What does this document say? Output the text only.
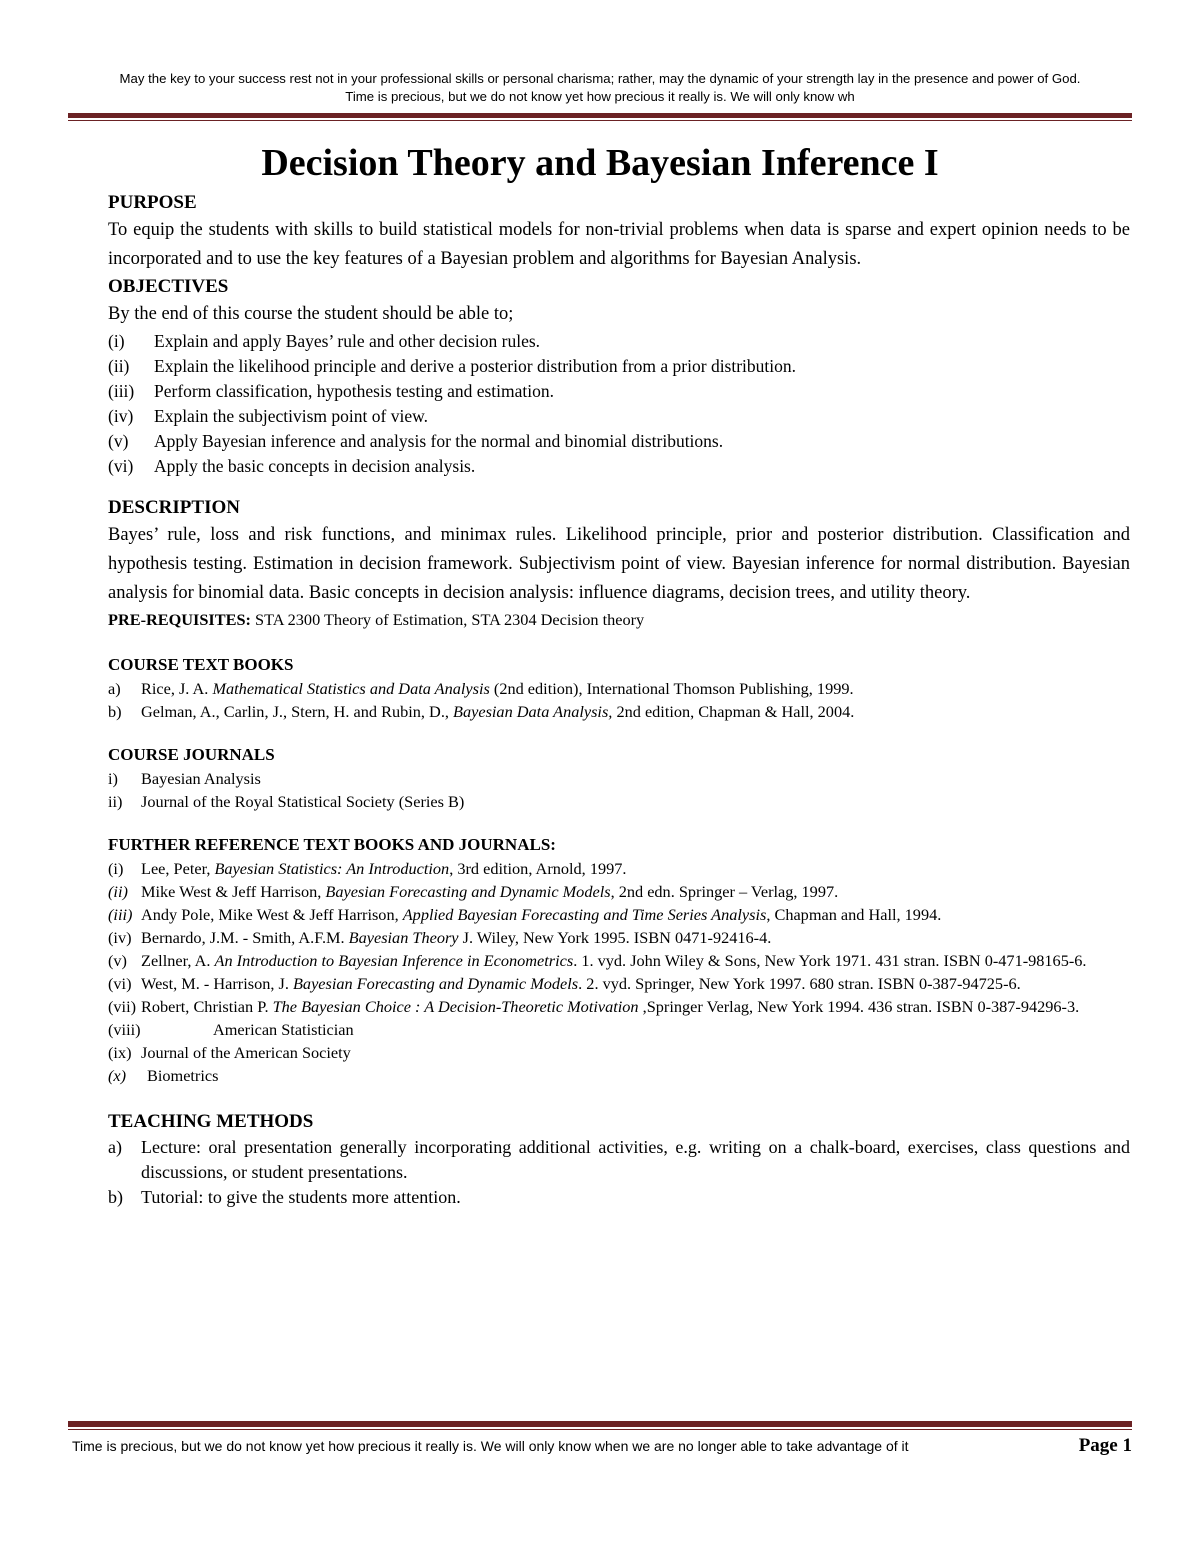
May the key to your success rest not in your professional skills or personal charisma; rather, may the dynamic of your strength lay in the presence and power of God.
Time is precious, but we do not know yet how precious it really is. We will only know wh
Decision Theory and Bayesian Inference I
PURPOSE
To equip the students with skills to build statistical models for non-trivial problems when data is sparse and expert opinion needs to be incorporated and to use the key features of a Bayesian problem and algorithms for Bayesian Analysis.
OBJECTIVES
By the end of this course the student should be able to;
(i)	Explain and apply Bayes’ rule and other decision rules.
(ii)	Explain the likelihood principle and derive a posterior distribution from a prior distribution.
(iii)	Perform classification, hypothesis testing and estimation.
(iv)	Explain the subjectivism point of view.
(v)	Apply Bayesian inference and analysis for the normal and binomial distributions.
(vi)	Apply the basic concepts in decision analysis.
DESCRIPTION
Bayes’ rule, loss and risk functions, and minimax rules. Likelihood principle, prior and posterior distribution. Classification and hypothesis testing. Estimation in decision framework. Subjectivism point of view. Bayesian inference for normal distribution. Bayesian analysis for binomial data. Basic concepts in decision analysis: influence diagrams, decision trees, and utility theory.
PRE-REQUISITES: STA 2300 Theory of Estimation, STA 2304 Decision theory
COURSE TEXT BOOKS
a)	Rice, J. A. Mathematical Statistics and Data Analysis (2nd edition), International Thomson Publishing, 1999.
b)	Gelman, A., Carlin, J., Stern, H. and Rubin, D., Bayesian Data Analysis, 2nd edition, Chapman & Hall, 2004.
COURSE JOURNALS
i)	Bayesian Analysis
ii)	Journal of the Royal Statistical Society (Series B)
FURTHER REFERENCE TEXT BOOKS AND JOURNALS:
(i)	Lee, Peter, Bayesian Statistics: An Introduction, 3rd edition, Arnold, 1997.
(ii) Mike West & Jeff Harrison, Bayesian Forecasting and Dynamic Models, 2nd edn. Springer – Verlag, 1997.
(iii) Andy Pole, Mike West & Jeff Harrison, Applied Bayesian Forecasting and Time Series Analysis, Chapman and Hall, 1994.
(iv) Bernardo, J.M. - Smith, A.F.M. Bayesian Theory J. Wiley, New York 1995. ISBN 0471-92416-4.
(v) Zellner, A. An Introduction to Bayesian Inference in Econometrics. 1. vyd. John Wiley & Sons, New York 1971. 431 stran. ISBN 0-471-98165-6.
(vi) West, M. - Harrison, J. Bayesian Forecasting and Dynamic Models. 2. vyd. Springer, New York 1997. 680 stran. ISBN 0-387-94725-6.
(vii) Robert, Christian P. The Bayesian Choice : A Decision-Theoretic Motivation ,Springer Verlag, New York 1994. 436 stran. ISBN 0-387-94296-3.
(viii)	American Statistician
(ix) Journal of the American Society
(x)	Biometrics
TEACHING METHODS
a)	Lecture: oral presentation generally incorporating additional activities, e.g. writing on a chalk-board, exercises, class questions and discussions, or student presentations.
b)	Tutorial: to give the students more attention.
Time is precious, but we do not know yet how precious it really is. We will only know when we are no longer able to take advantage of it	Page 1
